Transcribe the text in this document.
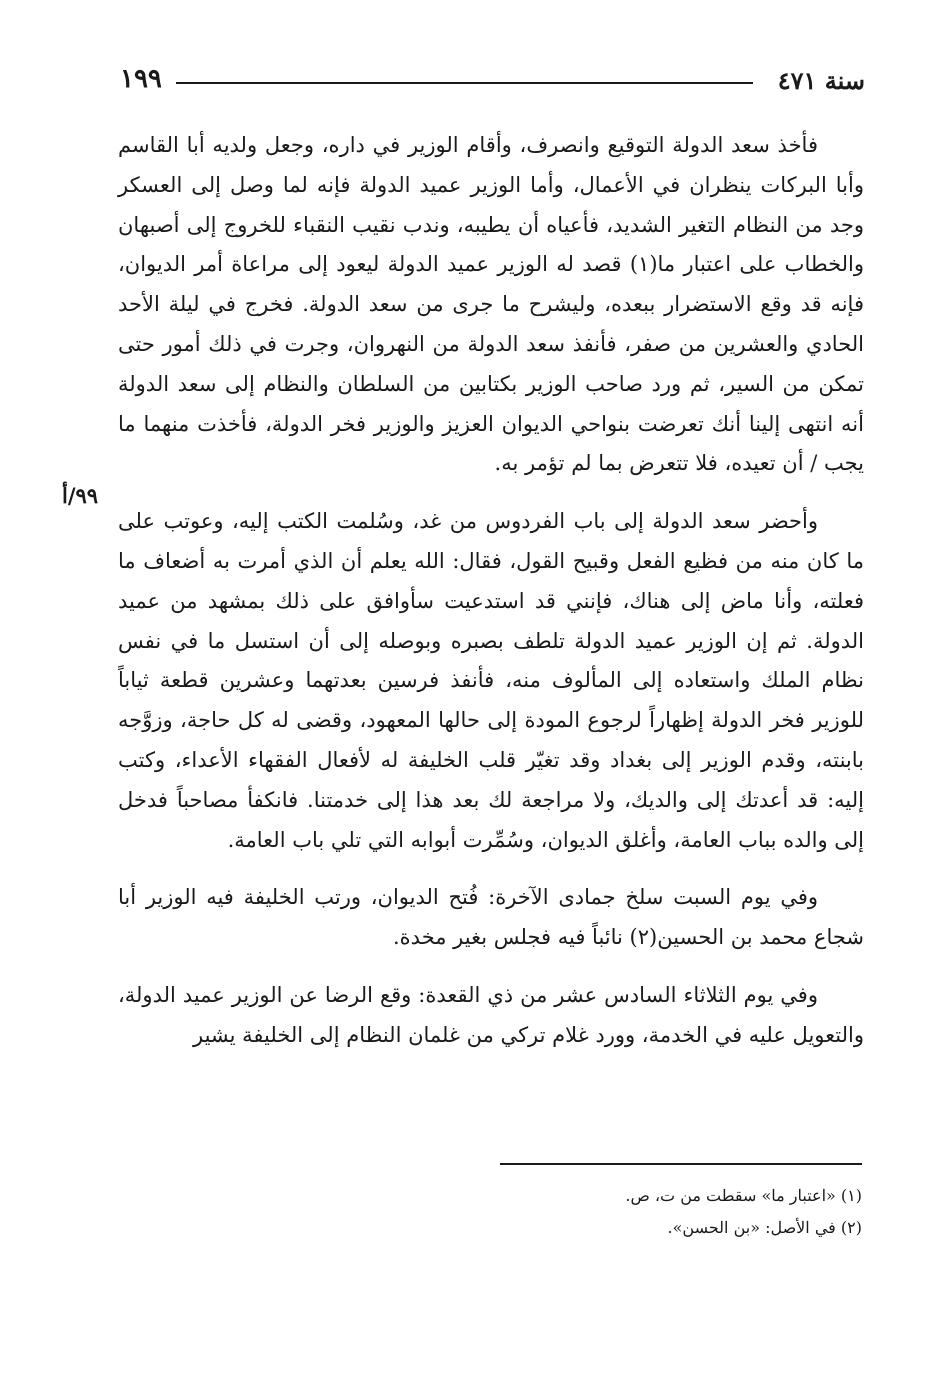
سنة ٤٧١
١٩٩
٩٩/أ

فأخذ سعد الدولة التوقيع وانصرف، وأقام الوزير في داره، وجعل ولديه أبا القاسم وأبا البركات ينظران في الأعمال، وأما الوزير عميد الدولة فإنه لما وصل إلى العسكر وجد من النظام التغير الشديد، فأعياه أن يطيبه، وندب نقيب النقباء للخروج إلى أصبهان والخطاب على اعتبار ما(١) قصد له الوزير عميد الدولة ليعود إلى مراعاة أمر الديوان، فإنه قد وقع الاستضرار ببعده، وليشرح ما جرى من سعد الدولة. فخرج في ليلة الأحد الحادي والعشرين من صفر، فأنفذ سعد الدولة من النهروان، وجرت في ذلك أمور حتى تمكن من السير، ثم ورد صاحب الوزير بكتابين من السلطان والنظام إلى سعد الدولة أنه انتهى إلينا أنك تعرضت بنواحي الديوان العزيز والوزير فخر الدولة، فأخذت منهما ما يجب / أن تعيده، فلا تتعرض بما لم تؤمر به.

وأحضر سعد الدولة إلى باب الفردوس من غد، وسُلمت الكتب إليه، وعوتب على ما كان منه من فظيع الفعل وقبيح القول، فقال: الله يعلم أن الذي أمرت به أضعاف ما فعلته، وأنا ماض إلى هناك، فإنني قد استدعيت سأوافق على ذلك بمشهد من عميد الدولة. ثم إن الوزير عميد الدولة تلطف بصبره وبوصله إلى أن استسل ما في نفس نظام الملك واستعاده إلى المألوف منه، فأنفذ فرسين بعدتهما وعشرين قطعة ثياباً للوزير فخر الدولة إظهاراً لرجوع المودة إلى حالها المعهود، وقضى له كل حاجة، وزوَّجه بابنته، وقدم الوزير إلى بغداد وقد تغيّر قلب الخليفة له لأفعال الفقهاء الأعداء، وكتب إليه: قد أعدتك إلى والديك، ولا مراجعة لك بعد هذا إلى خدمتنا. فانكفأ مصاحباً فدخل إلى والده بباب العامة، وأغلق الديوان، وسُمِّرت أبوابه التي تلي باب العامة.

وفي يوم السبت سلخ جمادى الآخرة: فُتح الديوان، ورتب الخليفة فيه الوزير أبا شجاع محمد بن الحسين(٢) نائباً فيه فجلس بغير مخدة.

وفي يوم الثلاثاء السادس عشر من ذي القعدة: وقع الرضا عن الوزير عميد الدولة، والتعويل عليه في الخدمة، وورد غلام تركي من غلمان النظام إلى الخليفة يشير

(١) «اعتبار ما» سقطت من ت، ص.
(٢) في الأصل: «بن الحسن».
